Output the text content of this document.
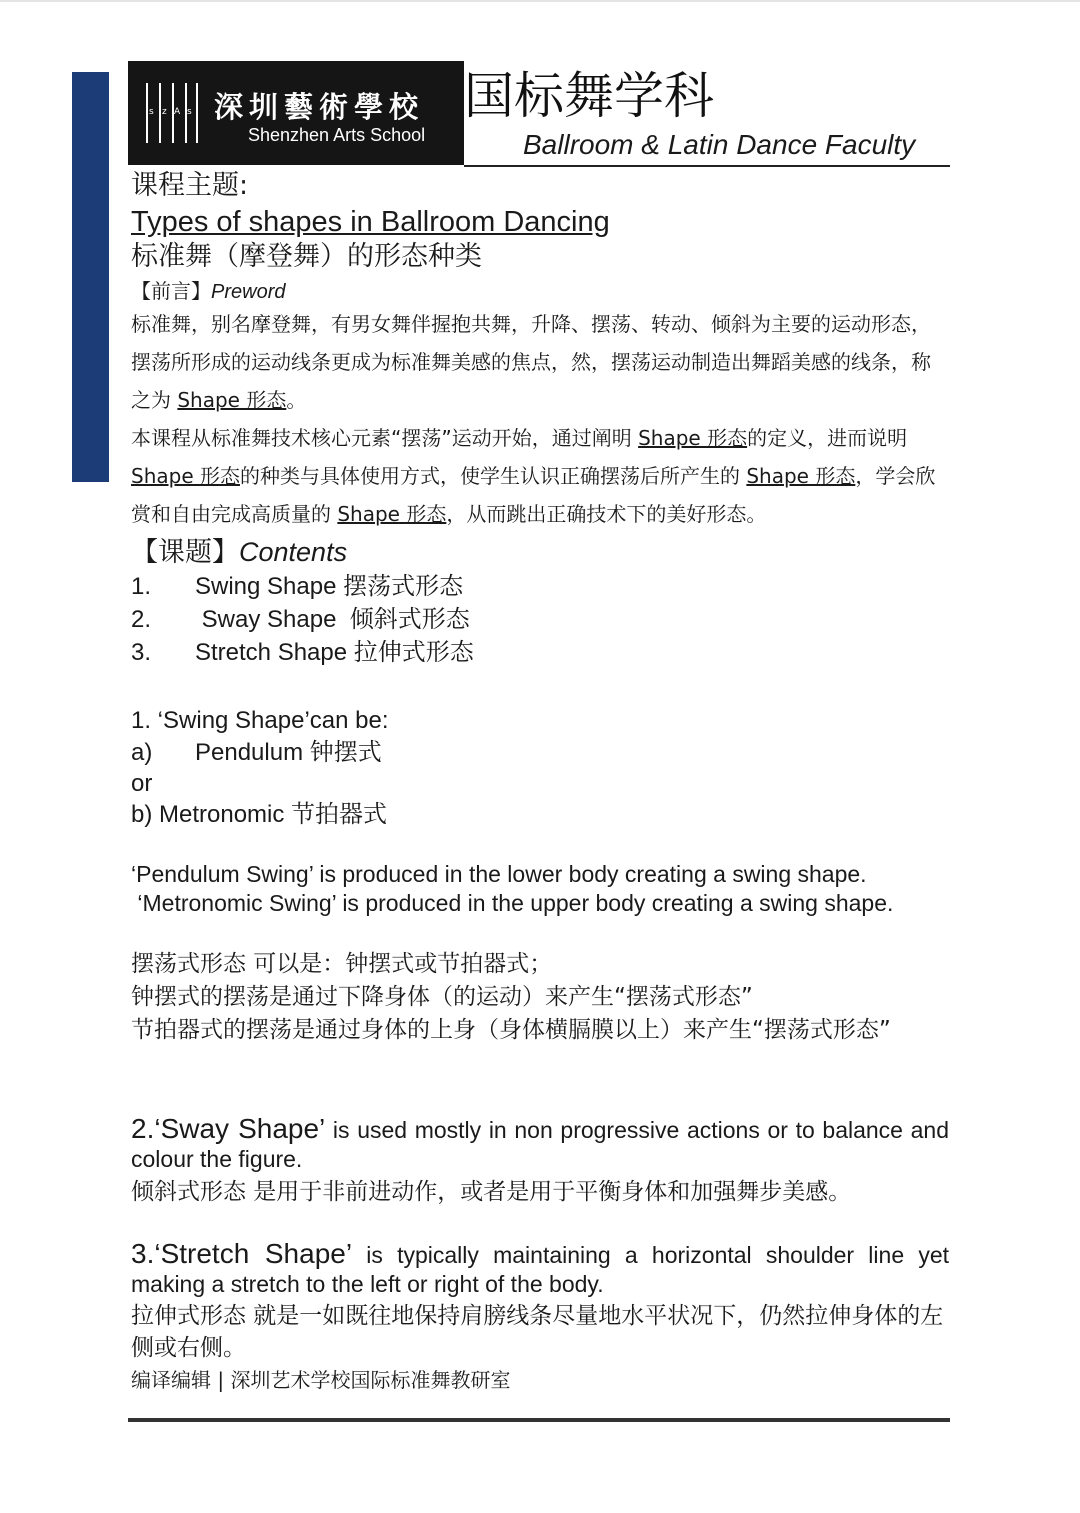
s z A s 深圳藝術學校
Shenzhen Arts School
国标舞学科
Ballroom & Latin Dance Faculty
课程主题:
Types of shapes in Ballroom Dancing
标准舞（摩登舞）的形态种类
【前言】Preword
标准舞，别名摩登舞，有男女舞伴握抱共舞，升降、摆荡、转动、倾斜为主要的运动形态，摆荡所形成的运动线条更成为标准舞美感的焦点，然，摆荡运动制造出舞蹈美感的线条，称之为 Shape 形态。
本课程从标准舞技术核心元素“摆荡”运动开始，通过阐明 Shape 形态的定义，进而说明 Shape 形态的种类与具体使用方式，使学生认识正确摆荡后所产生的 Shape 形态，学会欣赏和自由完成高质量的 Shape 形态，从而跳出正确技术下的美好形态。
【课题】Contents
1. Swing Shape 摆荡式形态
2. Sway Shape  倾斜式形态
3. Stretch Shape 拉伸式形态
1. ‘Swing Shape’can be:
a) Pendulum 钟摆式
or
b) Metronomic 节拍器式
‘Pendulum Swing’ is produced in the lower body creating a swing shape.
‘Metronomic Swing’ is produced in the upper body creating a swing shape.
摆荡式形态 可以是：钟摆式或节拍器式；
钟摆式的摆荡是通过下降身体（的运动）来产生“摆荡式形态”
节拍器式的摆荡是通过身体的上身（身体横膈膜以上）来产生“摆荡式形态”
2.‘Sway Shape’ is used mostly in non progressive actions or to balance and colour the figure.
倾斜式形态 是用于非前进动作，或者是用于平衡身体和加强舞步美感。
3.‘Stretch Shape’ is typically maintaining a horizontal shoulder line yet making a stretch to the left or right of the body.
拉伸式形态 就是一如既往地保持肩膀线条尽量地水平状况下，仍然拉伸身体的左侧或右侧。
编译编辑 | 深圳艺术学校国际标准舞教研室
